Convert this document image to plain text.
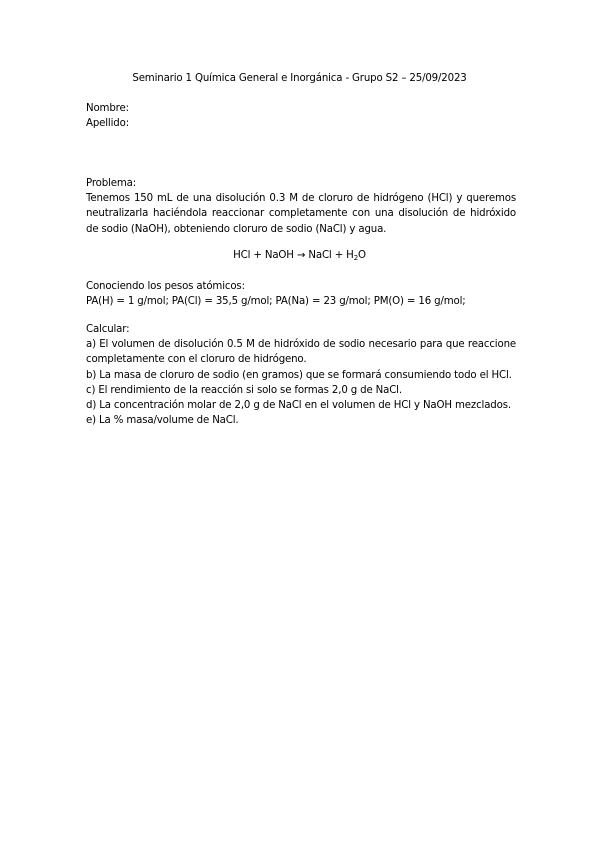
Seminario 1 Química General e Inorgánica - Grupo S2 – 25/09/2023

Nombre:

Apellido:

Problema:

Tenemos 150 mL de una disolución 0.3 M de cloruro de hidrógeno (HCl) y queremos neutralizarla haciéndola reaccionar completamente con una disolución de hidróxido de sodio (NaOH), obteniendo cloruro de sodio (NaCl) y agua.

HCl + NaOH → NaCl + $H_2O$

Conociendo los pesos atómicos:

PA(H) = 1 g/mol; PA(Cl) = 35,5 g/mol; PA(Na) = 23 g/mol; PM(O) = 16 g/mol;

Calcular:

a) El volumen de disolución 0.5 M de hidróxido de sodio necesario para que reaccione completamente con el cloruro de hidrógeno.

b) La masa de cloruro de sodio (en gramos) que se formará consumiendo todo el HCl.

c) El rendimiento de la reacción si solo se formas 2,0 g de NaCl.

d) La concentración molar de 2,0 g de NaCl en el volumen de HCl y NaOH mezclados.

e) La % masa/volume de NaCl.
